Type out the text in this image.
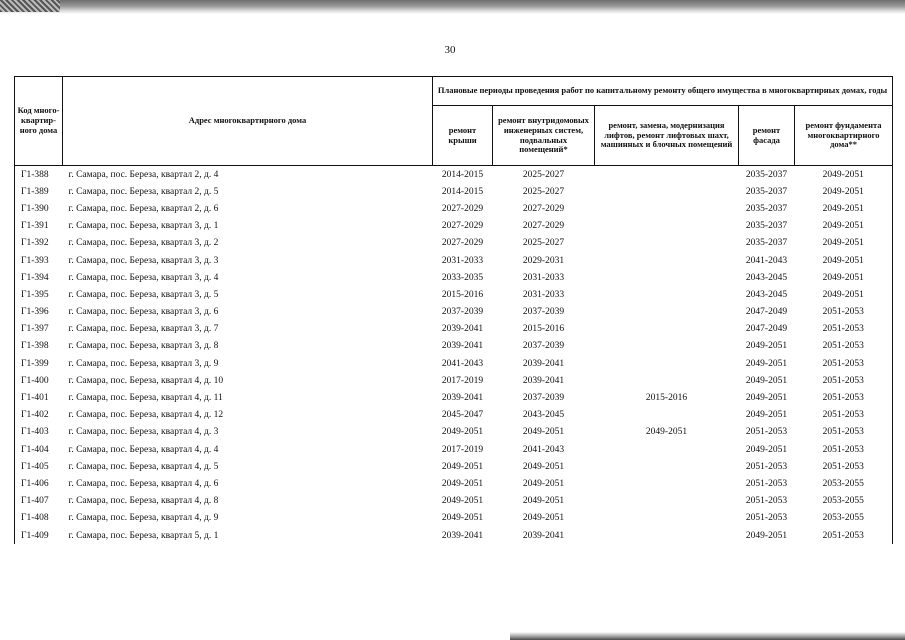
30
Код много-квартир-ного дома	Адрес многоквартирного дома	Плановые периоды проведения работ по капитальному ремонту общего имущества в многоквартирных домах, годы				
		ремонт крыши	ремонт внутридомовых инженерных систем, подвальных помещений*	ремонт, замена, модернизация лифтов, ремонт лифтовых шахт, машинных и блочных помещений	ремонт фасада	ремонт фундамента многоквартирного дома**
Г1-388	г. Самара, пос. Береза, квартал 2, д. 4	2014-2015	2025-2027		2035-2037	2049-2051
Г1-389	г. Самара, пос. Береза, квартал 2, д. 5	2014-2015	2025-2027		2035-2037	2049-2051
Г1-390	г. Самара, пос. Береза, квартал 2, д. 6	2027-2029	2027-2029		2035-2037	2049-2051
Г1-391	г. Самара, пос. Береза, квартал 3, д. 1	2027-2029	2027-2029		2035-2037	2049-2051
Г1-392	г. Самара, пос. Береза, квартал 3, д. 2	2027-2029	2025-2027		2035-2037	2049-2051
Г1-393	г. Самара, пос. Береза, квартал 3, д. 3	2031-2033	2029-2031		2041-2043	2049-2051
Г1-394	г. Самара, пос. Береза, квартал 3, д. 4	2033-2035	2031-2033		2043-2045	2049-2051
Г1-395	г. Самара, пос. Береза, квартал 3, д. 5	2015-2016	2031-2033		2043-2045	2049-2051
Г1-396	г. Самара, пос. Береза, квартал 3, д. 6	2037-2039	2037-2039		2047-2049	2051-2053
Г1-397	г. Самара, пос. Береза, квартал 3, д. 7	2039-2041	2015-2016		2047-2049	2051-2053
Г1-398	г. Самара, пос. Береза, квартал 3, д. 8	2039-2041	2037-2039		2049-2051	2051-2053
Г1-399	г. Самара, пос. Береза, квартал 3, д. 9	2041-2043	2039-2041		2049-2051	2051-2053
Г1-400	г. Самара, пос. Береза, квартал 4, д. 10	2017-2019	2039-2041		2049-2051	2051-2053
Г1-401	г. Самара, пос. Береза, квартал 4, д. 11	2039-2041	2037-2039	2015-2016	2049-2051	2051-2053
Г1-402	г. Самара, пос. Береза, квартал 4, д. 12	2045-2047	2043-2045		2049-2051	2051-2053
Г1-403	г. Самара, пос. Береза, квартал 4, д. 3	2049-2051	2049-2051	2049-2051	2051-2053	2051-2053
Г1-404	г. Самара, пос. Береза, квартал 4, д. 4	2017-2019	2041-2043		2049-2051	2051-2053
Г1-405	г. Самара, пос. Береза, квартал 4, д. 5	2049-2051	2049-2051		2051-2053	2051-2053
Г1-406	г. Самара, пос. Береза, квартал 4, д. 6	2049-2051	2049-2051		2051-2053	2053-2055
Г1-407	г. Самара, пос. Береза, квартал 4, д. 8	2049-2051	2049-2051		2051-2053	2053-2055
Г1-408	г. Самара, пос. Береза, квартал 4, д. 9	2049-2051	2049-2051		2051-2053	2053-2055
Г1-409	г. Самара, пос. Береза, квартал 5, д. 1	2039-2041	2039-2041		2049-2051	2051-2053
